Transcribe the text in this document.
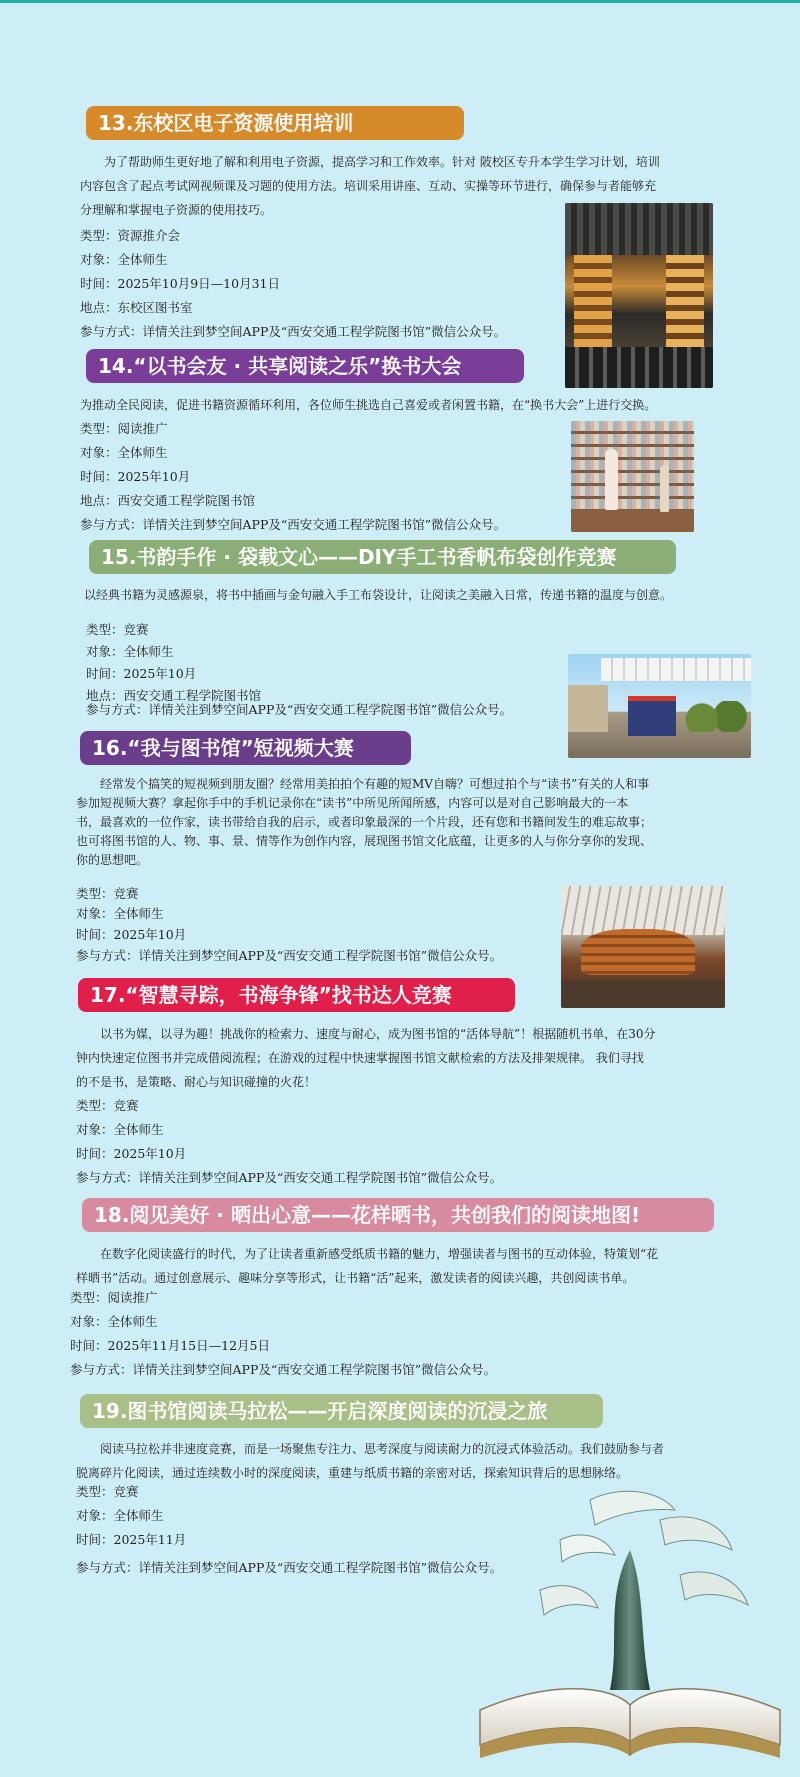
13.东校区电子资源使用培训
为了帮助师生更好地了解和利用电子资源，提高学习和工作效率。针对 陂校区专升本学生学习计划，培训
内容包含了起点考试网视频课及习题的使用方法。培训采用讲座、互动、实操等环节进行，确保参与者能够充
分理解和掌握电子资源的使用技巧。
类型：资源推介会
对象：全体师生
时间：2025年10月9日—10月31日
地点：东校区图书室
参与方式：详情关注到梦空间APP及“西安交通工程学院图书馆”微信公众号。
14.“以书会友 · 共享阅读之乐”换书大会
为推动全民阅读，促进书籍资源循环利用，各位师生挑选自己喜爱或者闲置书籍，在“换书大会”上进行交换。
类型：阅读推广
对象：全体师生
时间：2025年10月
地点：西安交通工程学院图书馆
参与方式：详情关注到梦空间APP及“西安交通工程学院图书馆”微信公众号。
15.书韵手作 · 袋载文心——DIY手工书香帆布袋创作竞赛
以经典书籍为灵感源泉，将书中插画与金句融入手工布袋设计，让阅读之美融入日常，传递书籍的温度与创意。
类型：竞赛
对象：全体师生
时间：2025年10月
地点：西安交通工程学院图书馆
参与方式：详情关注到梦空间APP及“西安交通工程学院图书馆”微信公众号。
16.“我与图书馆”短视频大赛
经常发个搞笑的短视频到朋友圈？经常用美拍拍个有趣的短MV自嗨？可想过拍个与“读书”有关的人和事
参加短视频大赛？拿起你手中的手机记录你在“读书”中所见所闻所感，内容可以是对自己影响最大的一本
书，最喜欢的一位作家，读书带给自我的启示，或者印象最深的一个片段，还有您和书籍间发生的难忘故事；
也可将图书馆的人、物、事、景、情等作为创作内容，展现图书馆文化底蕴，让更多的人与你分享你的发现、
你的思想吧。
类型：竞赛
对象：全体师生
时间：2025年10月
参与方式：详情关注到梦空间APP及“西安交通工程学院图书馆”微信公众号。
17.“智慧寻踪，书海争锋”找书达人竞赛
以书为媒，以寻为趣！挑战你的检索力、速度与耐心，成为图书馆的“活体导航”！根据随机书单，在30分
钟内快速定位图书并完成借阅流程；在游戏的过程中快速掌握图书馆文献检索的方法及排架规律。 我们寻找
的不是书，是策略、耐心与知识碰撞的火花！
类型：竞赛
对象：全体师生
时间：2025年10月
参与方式：详情关注到梦空间APP及“西安交通工程学院图书馆”微信公众号。
18.阅见美好 · 晒出心意——花样晒书，共创我们的阅读地图!
在数字化阅读盛行的时代，为了让读者重新感受纸质书籍的魅力，增强读者与图书的互动体验，特策划“花
样晒书”活动。通过创意展示、趣味分享等形式，让书籍“活”起来，激发读者的阅读兴趣，共创阅读书单。
类型：阅读推广
对象：全体师生
时间：2025年11月15日—12月5日
参与方式：详情关注到梦空间APP及“西安交通工程学院图书馆”微信公众号。
19.图书馆阅读马拉松——开启深度阅读的沉浸之旅
阅读马拉松并非速度竞赛，而是一场聚焦专注力、思考深度与阅读耐力的沉浸式体验活动。我们鼓励参与者
脱离碎片化阅读，通过连续数小时的深度阅读，重建与纸质书籍的亲密对话，探索知识背后的思想脉络。
类型：竞赛
对象：全体师生
时间：2025年11月
参与方式：详情关注到梦空间APP及“西安交通工程学院图书馆”微信公众号。
